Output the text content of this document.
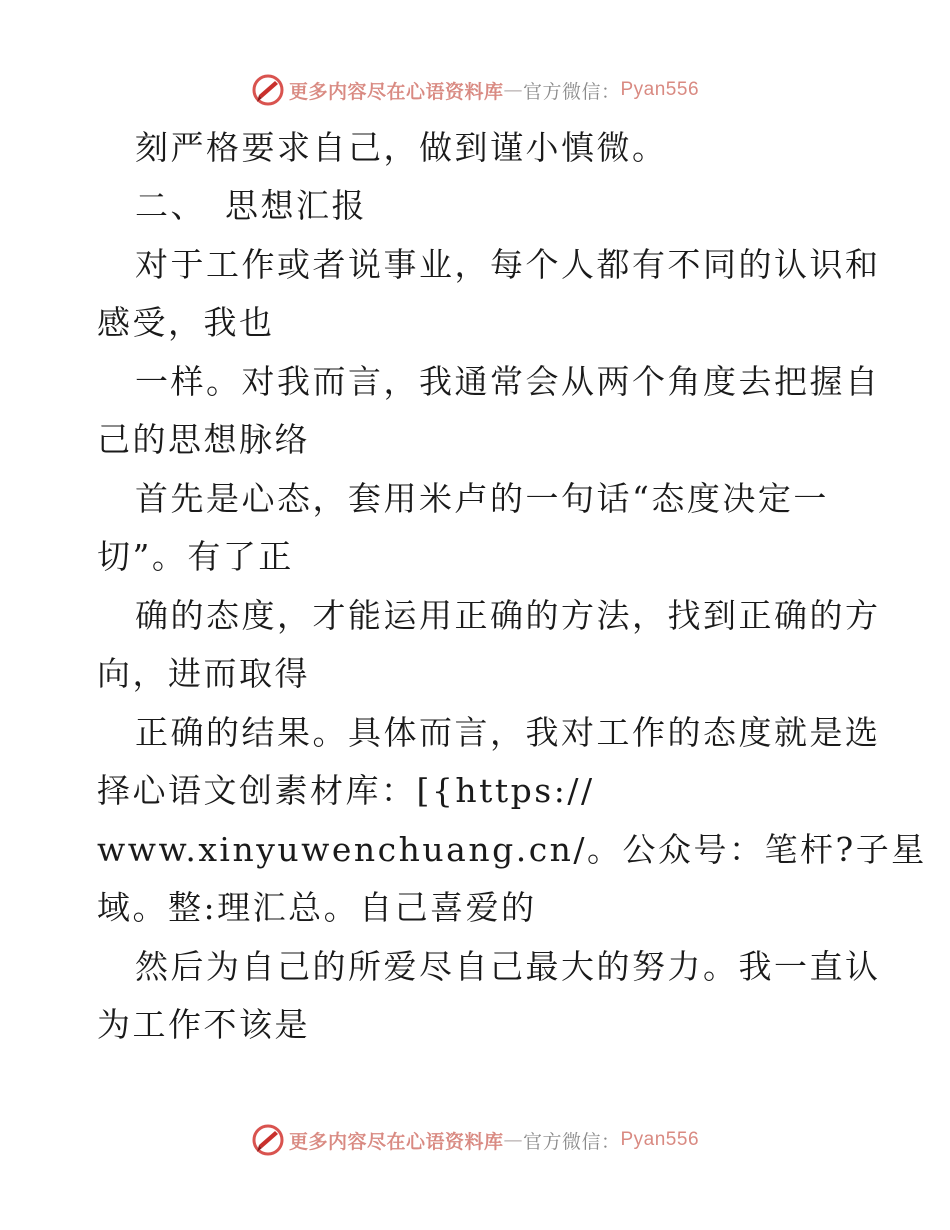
更多内容尽在心语资料库 — 官方微信： Pyan556
刻严格要求自己，做到谨小慎微。
二、　思想汇报
对于工作或者说事业，每个人都有不同的认识和
感受，我也
一样。对我而言，我通常会从两个角度去把握自
己的思想脉络
首先是心态，套用米卢的一句话“态度决定一
切”。有了正
确的态度，才能运用正确的方法，找到正确的方
向，进而取得
正确的结果。具体而言，我对工作的态度就是选
择心语文创素材库：[{https://
www.xinyuwenchuang.cn/。公众号：笔杆?子星
域。整:理汇总。自己喜爱的
然后为自己的所爱尽自己最大的努力。我一直认
为工作不该是
更多内容尽在心语资料库 — 官方微信： Pyan556
